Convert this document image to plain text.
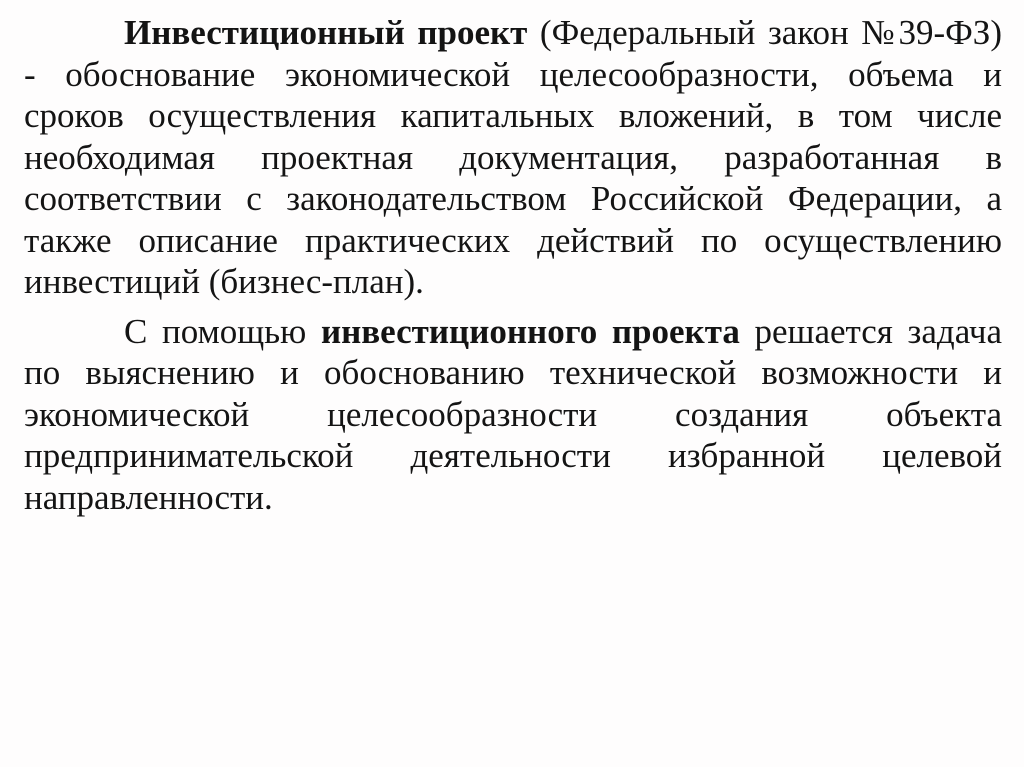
Инвестиционный проект (Федеральный закон №39-ФЗ) - обоснование экономической целесообразности, объема и сроков осуществления капитальных вложений, в том числе необходимая проектная документация, разработанная в соответствии с законодательством Российской Федерации, а также описание практических действий по осуществлению инвестиций (бизнес-план).

С помощью инвестиционного проекта решается задача по выяснению и обоснованию технической возможности и экономической целесообразности создания объекта предпринимательской деятельности избранной целевой направленности.
